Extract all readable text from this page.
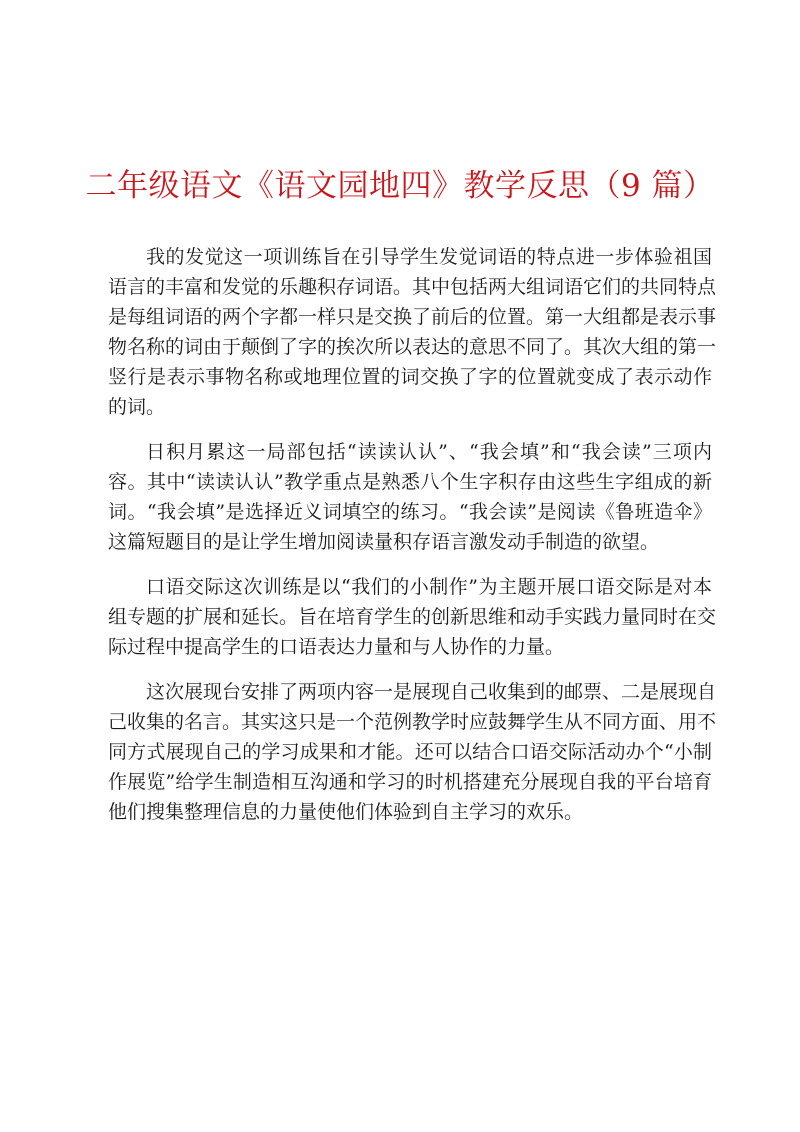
二年级语文《语文园地四》教学反思（9 篇）
我的发觉这一项训练旨在引导学生发觉词语的特点进一步体验祖国
语言的丰富和发觉的乐趣积存词语。其中包括两大组词语它们的共同特点
是每组词语的两个字都一样只是交换了前后的位置。第一大组都是表示事
物名称的词由于颠倒了字的挨次所以表达的意思不同了。其次大组的第一
竖行是表示事物名称或地理位置的词交换了字的位置就变成了表示动作
的词。
日积月累这一局部包括“读读认认”、“我会填”和“我会读”三项内
容。其中“读读认认”教学重点是熟悉八个生字积存由这些生字组成的新
词。“我会填”是选择近义词填空的练习。“我会读”是阅读《鲁班造伞》
这篇短题目的是让学生增加阅读量积存语言激发动手制造的欲望。
口语交际这次训练是以“我们的小制作”为主题开展口语交际是对本
组专题的扩展和延长。旨在培育学生的创新思维和动手实践力量同时在交
际过程中提高学生的口语表达力量和与人协作的力量。
这次展现台安排了两项内容一是展现自己收集到的邮票、二是展现自
己收集的名言。其实这只是一个范例教学时应鼓舞学生从不同方面、用不
同方式展现自己的学习成果和才能。还可以结合口语交际活动办个“小制
作展览”给学生制造相互沟通和学习的时机搭建充分展现自我的平台培育
他们搜集整理信息的力量使他们体验到自主学习的欢乐。
